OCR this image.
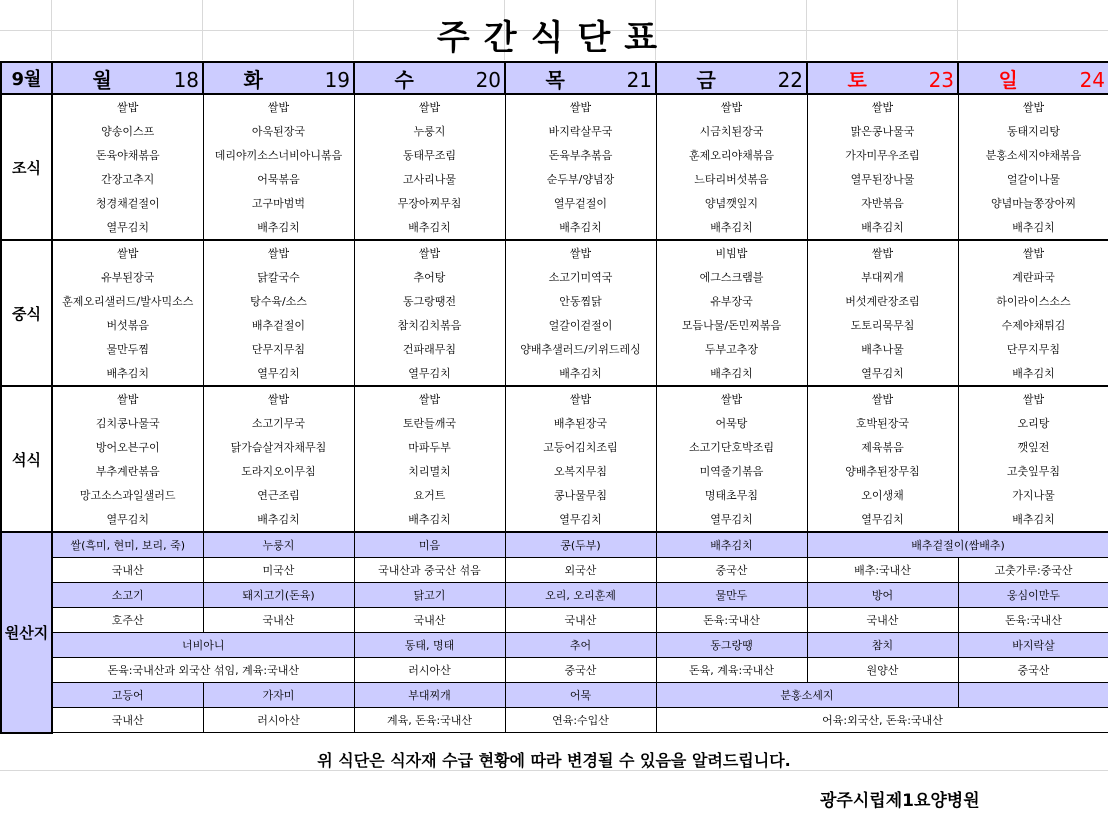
주간식단표
9월	월 18	화 19	수 20	목 21	금 22	토 23	일 24
조식	쌀밥	쌀밥	쌀밥	쌀밥	쌀밥	쌀밥	쌀밥
	양송이스프	아욱된장국	누룽지	바지락살무국	시금치된장국	맑은콩나물국	동태지리탕
	돈육야채볶음	데리야끼소스너비아니볶음	동태무조림	돈육부추볶음	훈제오리야채볶음	가자미무우조림	분홍소세지야채볶음
	간장고추지	어묵볶음	고사리나물	순두부/양념장	느타리버섯볶음	열무된장나물	얼갈이나물
	청경채겉절이	고구마범벅	무장아찌무침	열무겉절이	양념깻잎지	자반볶음	양념마늘쫑장아찌
	열무김치	배추김치	배추김치	배추김치	배추김치	배추김치	배추김치
중식	쌀밥	쌀밥	쌀밥	쌀밥	비빔밥	쌀밥	쌀밥
	유부된장국	닭칼국수	추어탕	소고기미역국	에그스크램블	부대찌개	계란파국
	훈제오리샐러드/발사믹소스	탕수육/소스	동그랑땡전	안동찜닭	유부장국	버섯계란장조림	하이라이스소스
	버섯볶음	배추겉절이	참치김치볶음	얼갈이겉절이	모듬나물/돈민찌볶음	도토리묵무침	수제야채튀김
	물만두찜	단무지무침	건파래무침	양배추샐러드/키위드레싱	두부고추장	배추나물	단무지무침
	배추김치	열무김치	열무김치	배추김치	배추김치	열무김치	배추김치
석식	쌀밥	쌀밥	쌀밥	쌀밥	쌀밥	쌀밥	쌀밥
	김치콩나물국	소고기무국	토란들깨국	배추된장국	어묵탕	호박된장국	오리탕
	방어오븐구이	닭가슴살겨자채무침	마파두부	고등어김치조림	소고기단호박조림	제육볶음	깻잎전
	부추계란볶음	도라지오이무침	치리멸치	오복지무침	미역줄기볶음	양배추된장무침	고춧잎무침
	망고소스과일샐러드	연근조림	요거트	콩나물무침	명태초무침	오이생채	가지나물
	열무김치	배추김치	배추김치	열무김치	열무김치	열무김치	배추김치
원산지	쌀(흑미, 현미, 보리, 죽)	누룽지	미음	콩(두부)	배추김치	배추겉절이(쌈배추)	
	국내산	미국산	국내산과 중국산 섞음	외국산	중국산	배추:국내산	고춧가루:중국산
	소고기	돼지고기(돈육)	닭고기	오리, 오리훈제	물만두	방어	웅심이만두
	호주산	국내산	국내산	국내산	돈육:국내산	국내산	돈육:국내산
	너비아니		동태, 명태	추어	동그랑땡	참치	바지락살
	돈육:국내산과 외국산 섞임, 계육:국내산		러시아산	중국산	돈육, 계육:국내산	원양산	중국산
	고등어	가자미	부대찌개	어묵	분홍소세지		
	국내산	러시아산	계육, 돈육:국내산	연육:수입산	어육:외국산, 돈육:국내산		
위 식단은 식자재 수급 현황에 따라 변경될 수 있음을 알려드립니다.
광주시립제1요양병원
